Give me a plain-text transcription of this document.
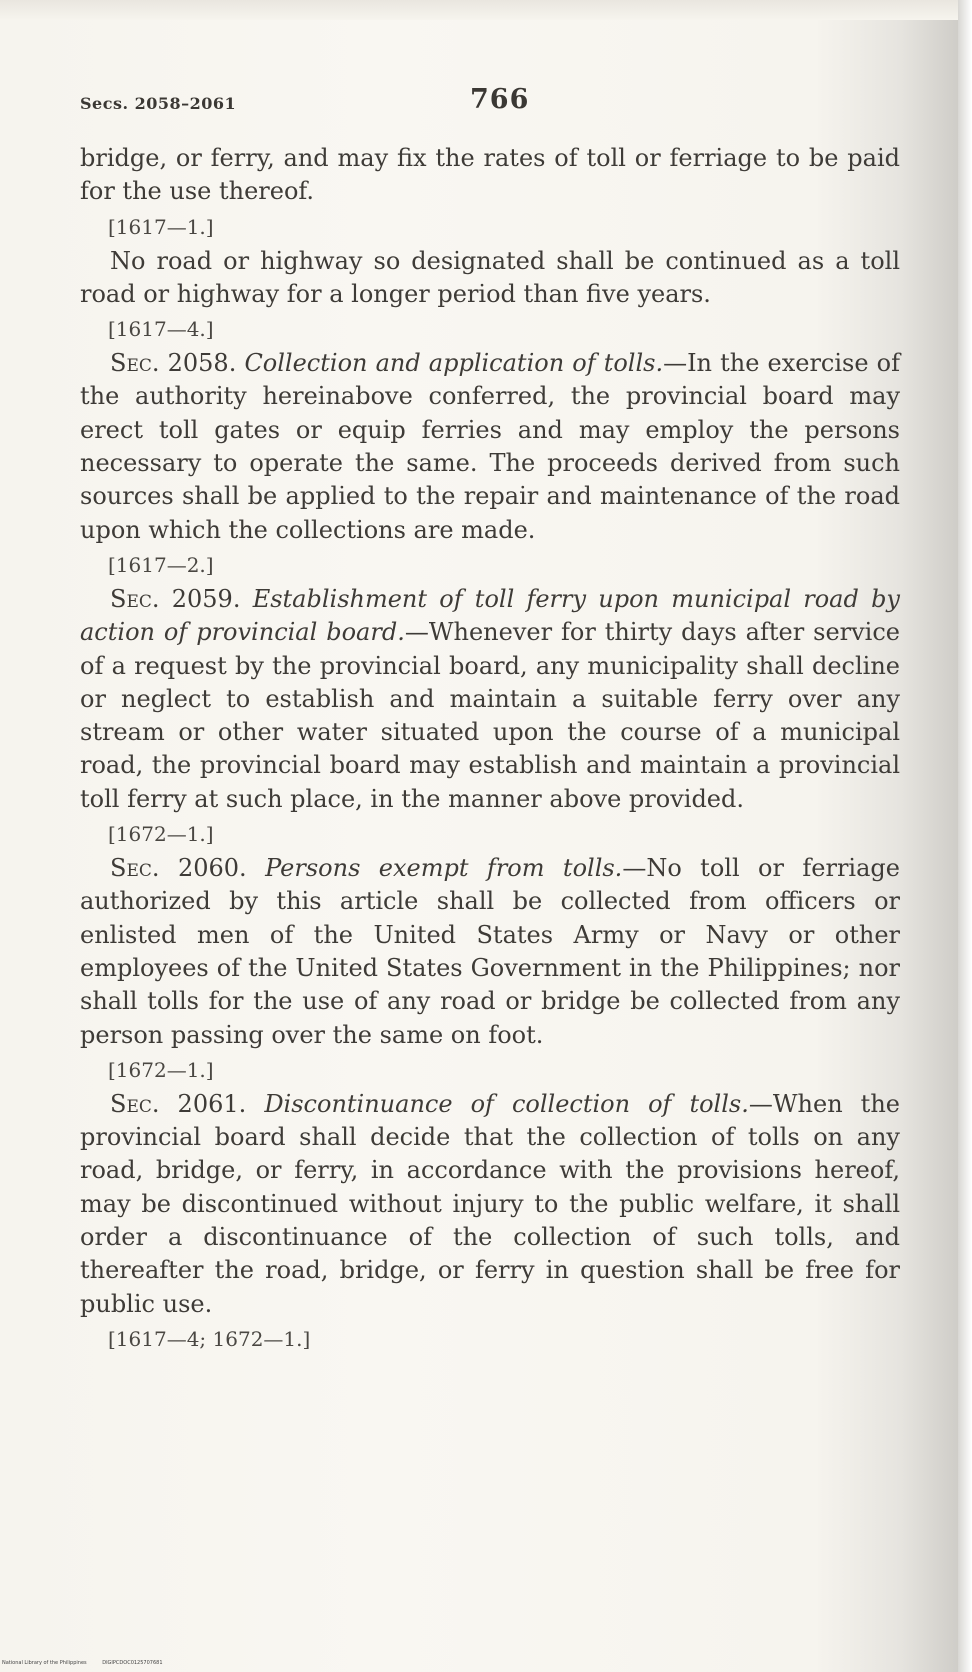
Secs. 2058–2061	766

bridge, or ferry, and may fix the rates of toll or ferriage to be paid for the use thereof.

[1617—1.]

No road or highway so designated shall be continued as a toll road or highway for a longer period than five years.

[1617—4.]

Sec. 2058. Collection and application of tolls.—In the exercise of the authority hereinabove conferred, the provincial board may erect toll gates or equip ferries and may employ the persons necessary to operate the same. The proceeds derived from such sources shall be applied to the repair and maintenance of the road upon which the collections are made.

[1617—2.]

Sec. 2059. Establishment of toll ferry upon municipal road by action of provincial board.—Whenever for thirty days after service of a request by the provincial board, any municipality shall decline or neglect to establish and maintain a suitable ferry over any stream or other water situated upon the course of a municipal road, the provincial board may establish and maintain a provincial toll ferry at such place, in the manner above provided.

[1672—1.]

Sec. 2060. Persons exempt from tolls.—No toll or ferriage authorized by this article shall be collected from officers or enlisted men of the United States Army or Navy or other employees of the United States Government in the Philippines; nor shall tolls for the use of any road or bridge be collected from any person passing over the same on foot.

[1672—1.]

Sec. 2061. Discontinuance of collection of tolls.—When the provincial board shall decide that the collection of tolls on any road, bridge, or ferry, in accordance with the provisions hereof, may be discontinued without injury to the public welfare, it shall order a discontinuance of the collection of such tolls, and thereafter the road, bridge, or ferry in question shall be free for public use.

[1617—4; 1672—1.]

National Library of the Philippines	DIGIPCDOC0125707681
